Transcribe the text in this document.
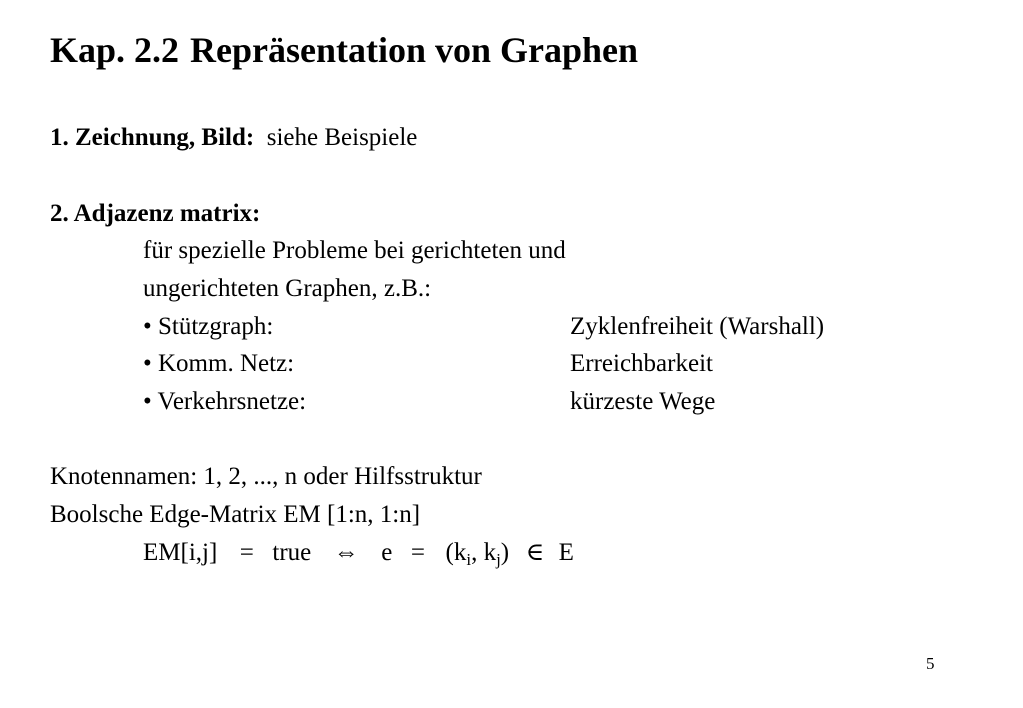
Kap. 2.2 Repräsentation von Graphen
1. Zeichnung, Bild: siehe Beispiele
2. Adjazenz matrix:
für spezielle Probleme bei gerichteten und
ungerichteten Graphen, z.B.:
• Stützgraph:	Zyklenfreiheit (Warshall)
• Komm. Netz:	Erreichbarkeit
• Verkehrsnetze:	kürzeste Wege
Knotennamen: 1, 2, ..., n oder Hilfsstruktur
Boolsche Edge-Matrix EM [1:n, 1:n]
EM[i,j] = true ⇔ $e = (k_i$, $k_j$) ∈ E
5
